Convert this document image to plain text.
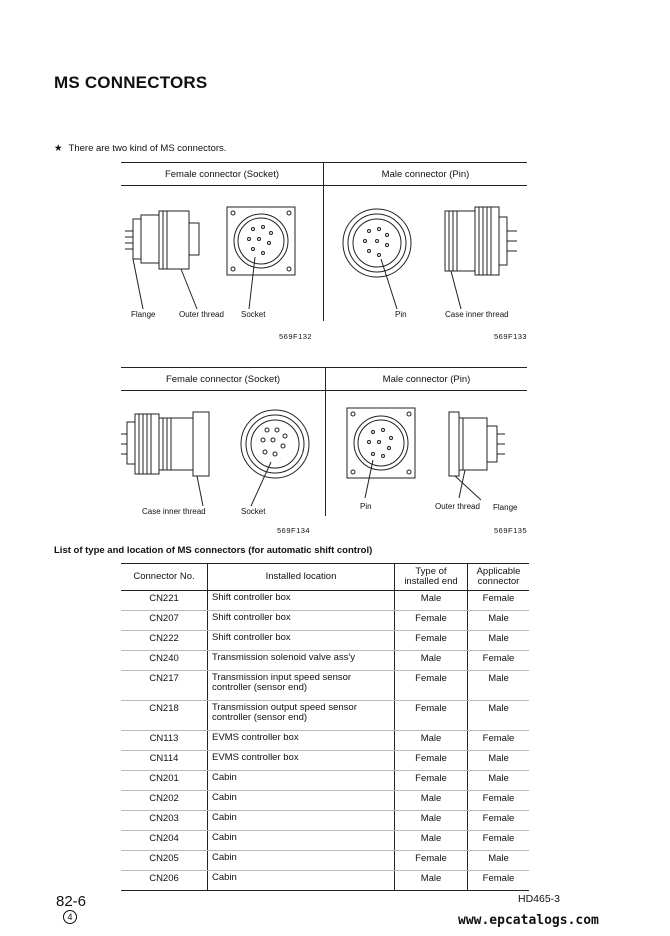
MS CONNECTORS
★ There are two kind of MS connectors.
Female connector (Socket)	Male connector (Pin)
Flange	Outer thread Socket	Pin	Case inner thread
569F132	569F133
Female connector (Socket)	Male connector (Pin)
Case inner thread	Socket
Pin	Outer thread Flange
569F134	569F135
List of type and location of MS connectors (for automatic shift control)
Connector No.	Installed location	Type of installed end	Applicable connector
CN221	Shift controller box	Male	Female
CN207	Shift controller box	Female	Male
CN222	Shift controller box	Female	Male
CN240	Transmission solenoid valve ass'y	Male	Female
CN217	Transmission input speed sensor controller (sensor end)	Female	Male
CN218	Transmission output speed sensor controller (sensor end)	Female	Male
CN113	EVMS controller box	Male	Female
CN114	EVMS controller box	Female	Male
CN201	Cabin	Female	Male
CN202	Cabin	Male	Female
CN203	Cabin	Male	Female
CN204	Cabin	Male	Female
CN205	Cabin	Female	Male
CN206	Cabin	Male	Female
82-6
4
HD465-3
www.epcatalogs.com
